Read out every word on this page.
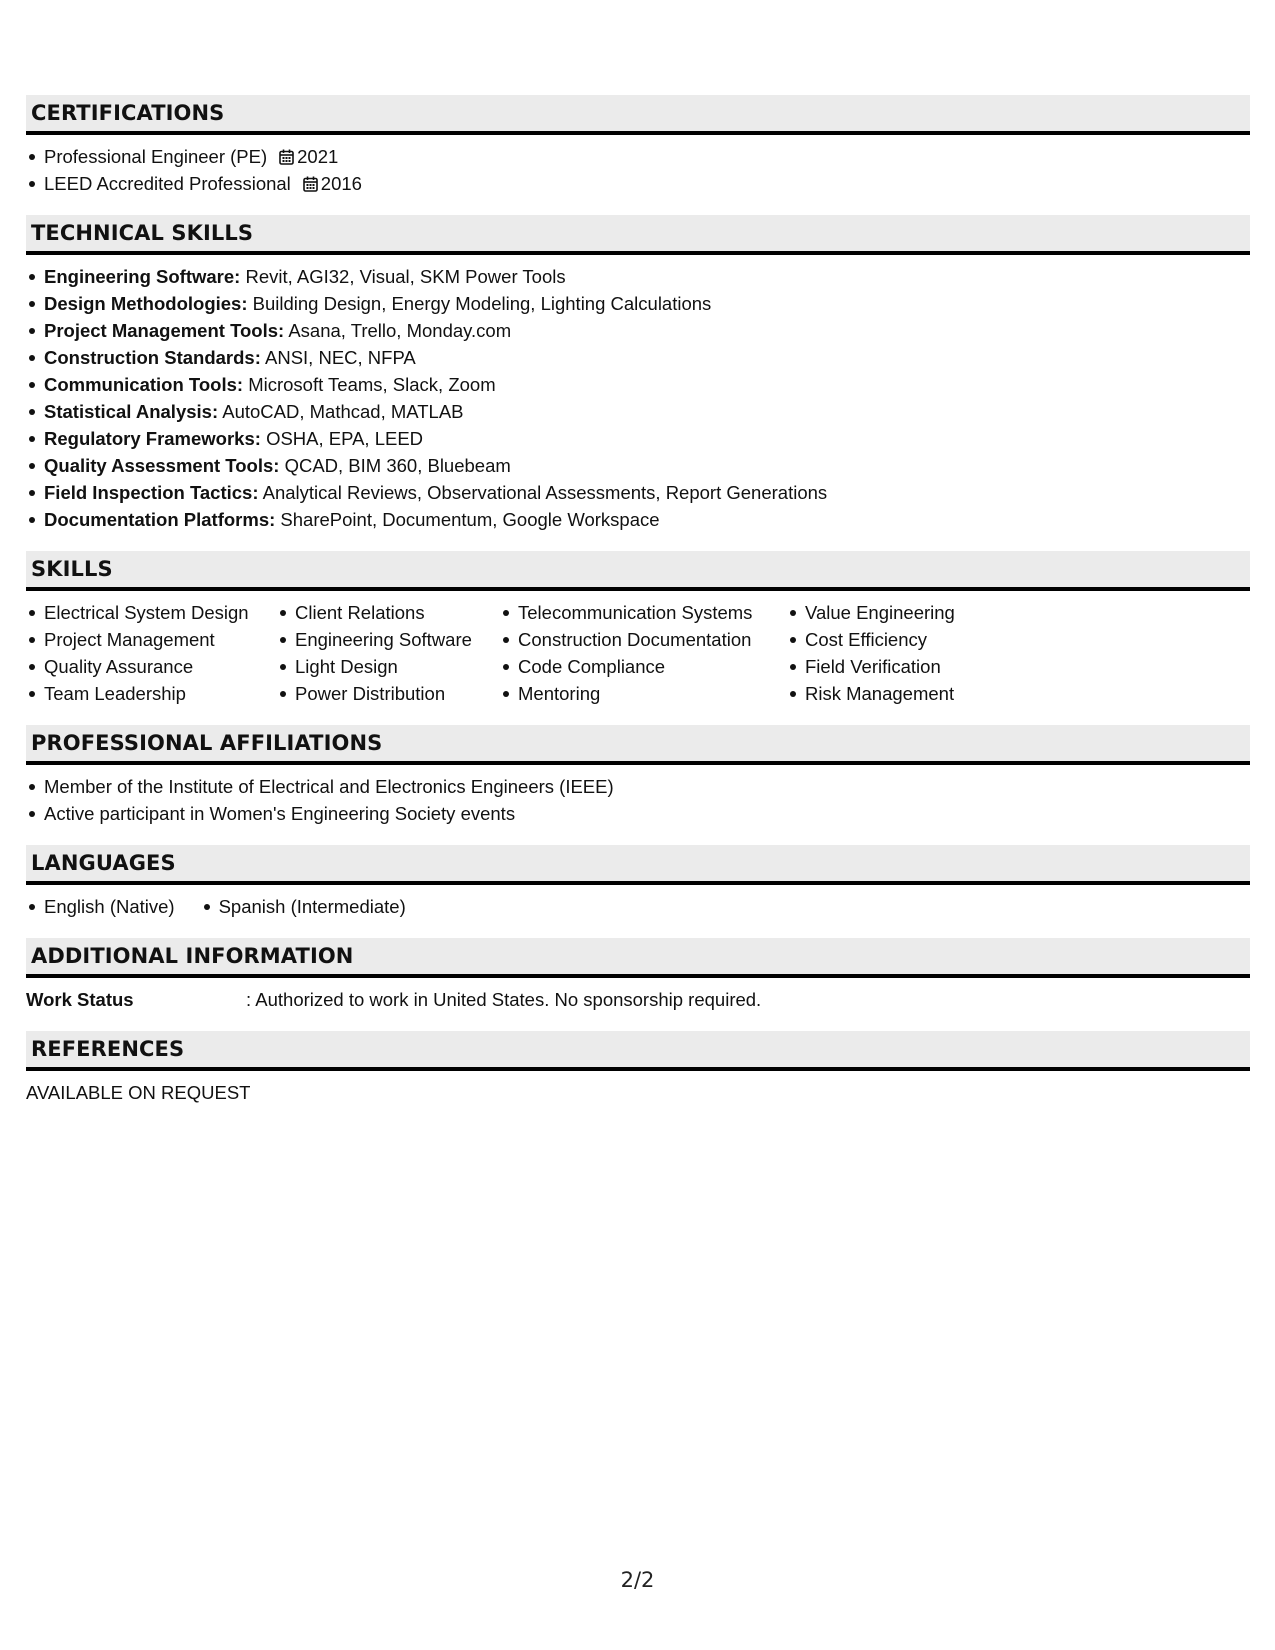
CERTIFICATIONS
Professional Engineer (PE) 2021
LEED Accredited Professional 2016
TECHNICAL SKILLS
Engineering Software: Revit, AGI32, Visual, SKM Power Tools
Design Methodologies: Building Design, Energy Modeling, Lighting Calculations
Project Management Tools: Asana, Trello, Monday.com
Construction Standards: ANSI, NEC, NFPA
Communication Tools: Microsoft Teams, Slack, Zoom
Statistical Analysis: AutoCAD, Mathcad, MATLAB
Regulatory Frameworks: OSHA, EPA, LEED
Quality Assessment Tools: QCAD, BIM 360, Bluebeam
Field Inspection Tactics: Analytical Reviews, Observational Assessments, Report Generations
Documentation Platforms: SharePoint, Documentum, Google Workspace
SKILLS
Electrical System Design
Project Management
Quality Assurance
Team Leadership
Client Relations
Engineering Software
Light Design
Power Distribution
Telecommunication Systems
Construction Documentation
Code Compliance
Mentoring
Value Engineering
Cost Efficiency
Field Verification
Risk Management
PROFESSIONAL AFFILIATIONS
Member of the Institute of Electrical and Electronics Engineers (IEEE)
Active participant in Women's Engineering Society events
LANGUAGES
English (Native)	Spanish (Intermediate)
ADDITIONAL INFORMATION
Work Status	: Authorized to work in United States. No sponsorship required.
REFERENCES
AVAILABLE ON REQUEST
2/2
